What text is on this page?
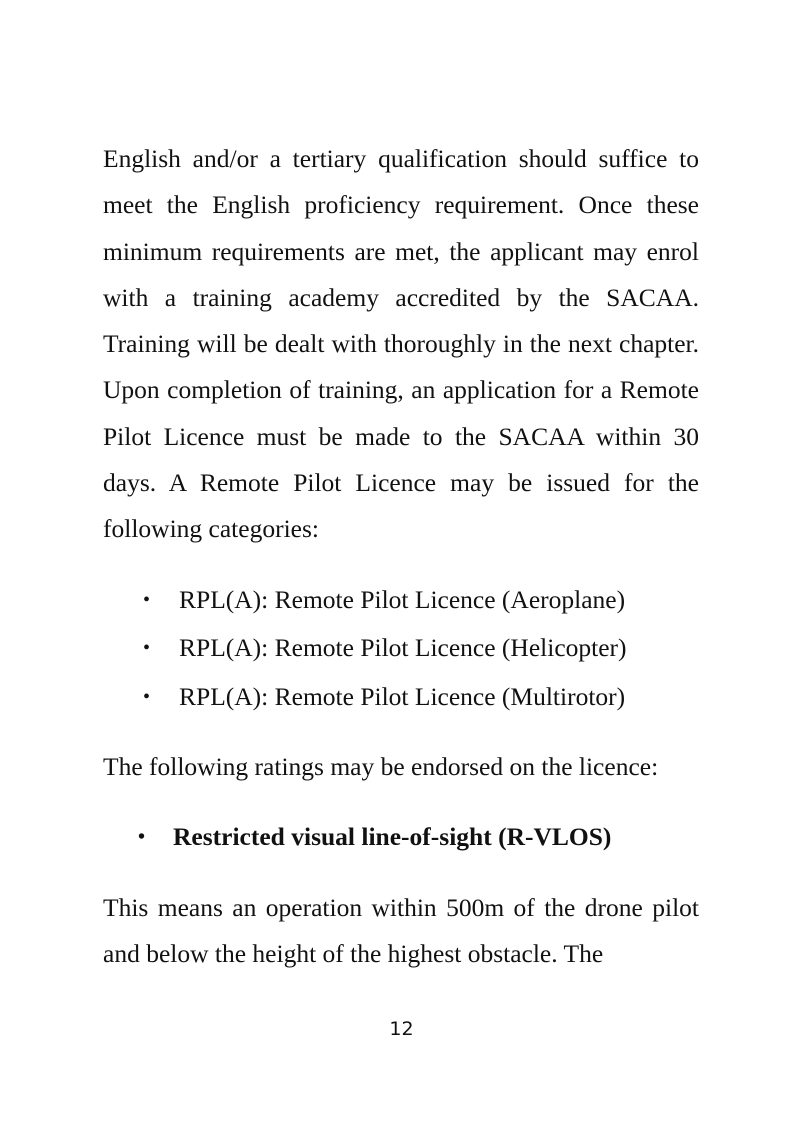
English and/or a tertiary qualification should suffice to meet the English proficiency requirement. Once these minimum requirements are met, the applicant may enrol with a training academy accredited by the SACAA. Training will be dealt with thoroughly in the next chapter. Upon completion of training, an application for a Remote Pilot Licence must be made to the SACAA within 30 days. A Remote Pilot Licence may be issued for the following categories:

• RPL(A): Remote Pilot Licence (Aeroplane)
• RPL(A): Remote Pilot Licence (Helicopter)
• RPL(A): Remote Pilot Licence (Multirotor)

The following ratings may be endorsed on the licence:

• Restricted visual line-of-sight (R-VLOS)

This means an operation within 500m of the drone pilot and below the height of the highest obstacle. The

12
